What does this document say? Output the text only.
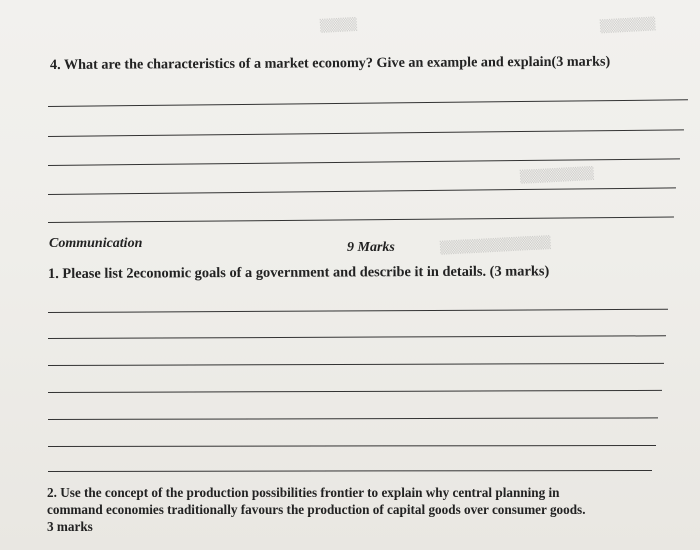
▒▒▒▒	▒▒▒▒▒▒
▒▒▒▒▒▒▒▒
▒▒▒▒▒▒▒▒▒▒▒▒
4. What are the characteristics of a market economy? Give an example and explain(3 marks)
Communication	9 Marks
1. Please list 2economic goals of a government and describe it in details. (3 marks)
2. Use the concept of the production possibilities frontier to explain why central planning in
command economies traditionally favours the production of capital goods over consumer goods.
3 marks
